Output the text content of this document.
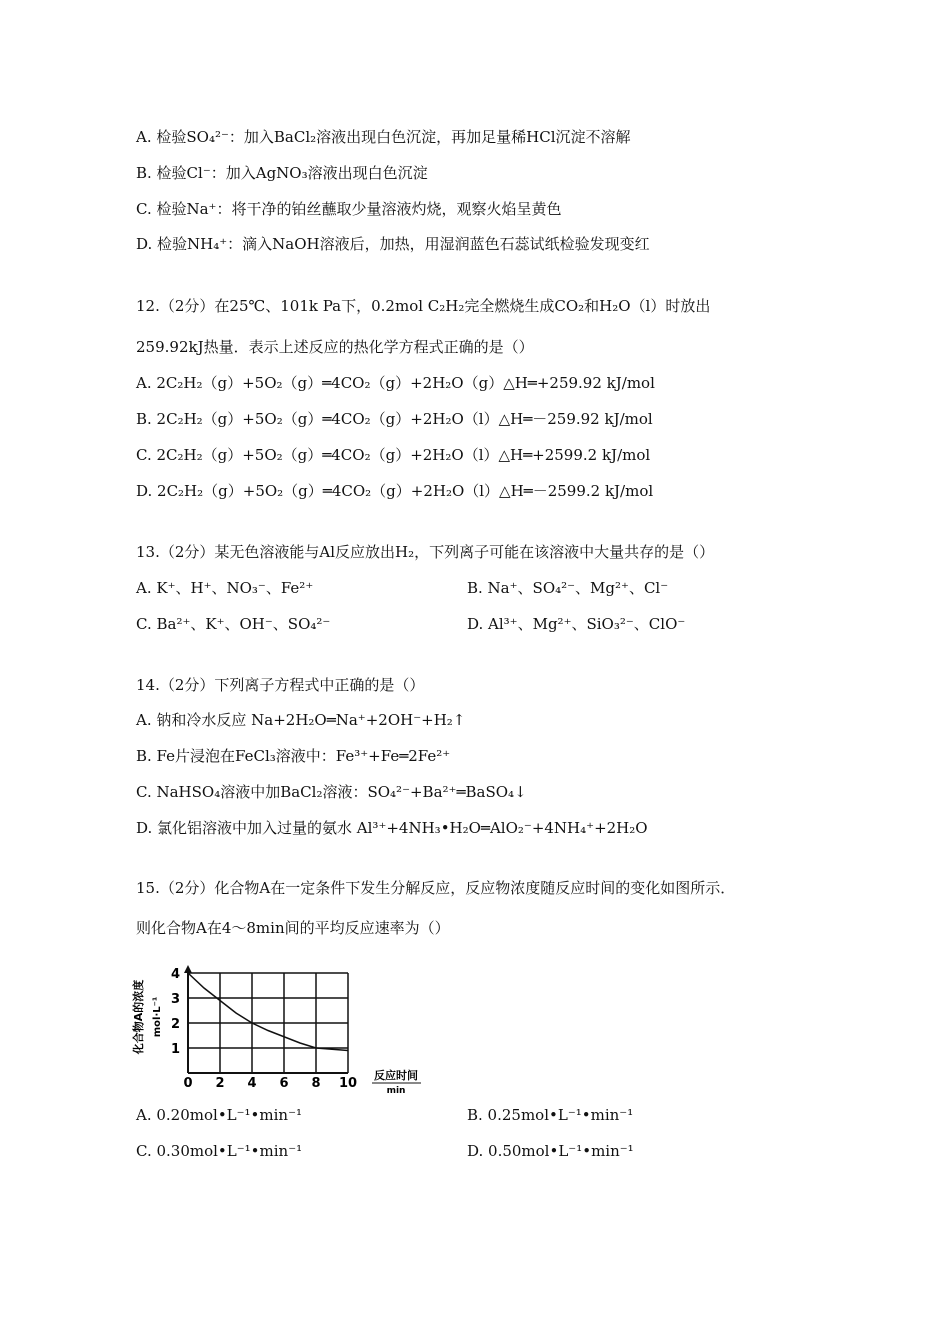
A. 检验SO₄²⁻：加入BaCl₂溶液出现白色沉淀，再加足量稀HCl沉淀不溶解
B. 检验Cl⁻：加入AgNO₃溶液出现白色沉淀
C. 检验Na⁺：将干净的铂丝蘸取少量溶液灼烧，观察火焰呈黄色
D. 检验NH₄⁺：滴入NaOH溶液后，加热，用湿润蓝色石蕊试纸检验发现变红
12.（2分）在25℃、101k Pa下，0.2mol C₂H₂完全燃烧生成CO₂和H₂O（l）时放出
259.92kJ热量．表示上述反应的热化学方程式正确的是（）
A. 2C₂H₂（g）+5O₂（g）═4CO₂（g）+2H₂O（g）△H═+259.92 kJ/mol
B. 2C₂H₂（g）+5O₂（g）═4CO₂（g）+2H₂O（l）△H═－259.92 kJ/mol
C. 2C₂H₂（g）+5O₂（g）═4CO₂（g）+2H₂O（l）△H═+2599.2 kJ/mol
D. 2C₂H₂（g）+5O₂（g）═4CO₂（g）+2H₂O（l）△H═－2599.2 kJ/mol
13.（2分）某无色溶液能与Al反应放出H₂，下列离子可能在该溶液中大量共存的是（）
A. K⁺、H⁺、NO₃⁻、Fe²⁺	B. Na⁺、SO₄²⁻、Mg²⁺、Cl⁻
C. Ba²⁺、K⁺、OH⁻、SO₄²⁻	D. Al³⁺、Mg²⁺、SiO₃²⁻、ClO⁻
14.（2分）下列离子方程式中正确的是（）
A. 钠和冷水反应 Na+2H₂O═Na⁺+2OH⁻+H₂↑
B. Fe片浸泡在FeCl₃溶液中：Fe³⁺+Fe═2Fe²⁺
C. NaHSO₄溶液中加BaCl₂溶液：SO₄²⁻+Ba²⁺═BaSO₄↓
D. 氯化铝溶液中加入过量的氨水 Al³⁺+4NH₃•H₂O═AlO₂⁻+4NH₄⁺+2H₂O
15.（2分）化合物A在一定条件下发生分解反应，反应物浓度随反应时间的变化如图所示．
则化合物A在4～8min间的平均反应速率为（）
0 2 4 6 8 10
1
2
3
4
化合物A的浓度 mol·L⁻¹
反应时间
min
A. 0.20mol•L⁻¹•min⁻¹	B. 0.25mol•L⁻¹•min⁻¹
C. 0.30mol•L⁻¹•min⁻¹	D. 0.50mol•L⁻¹•min⁻¹
